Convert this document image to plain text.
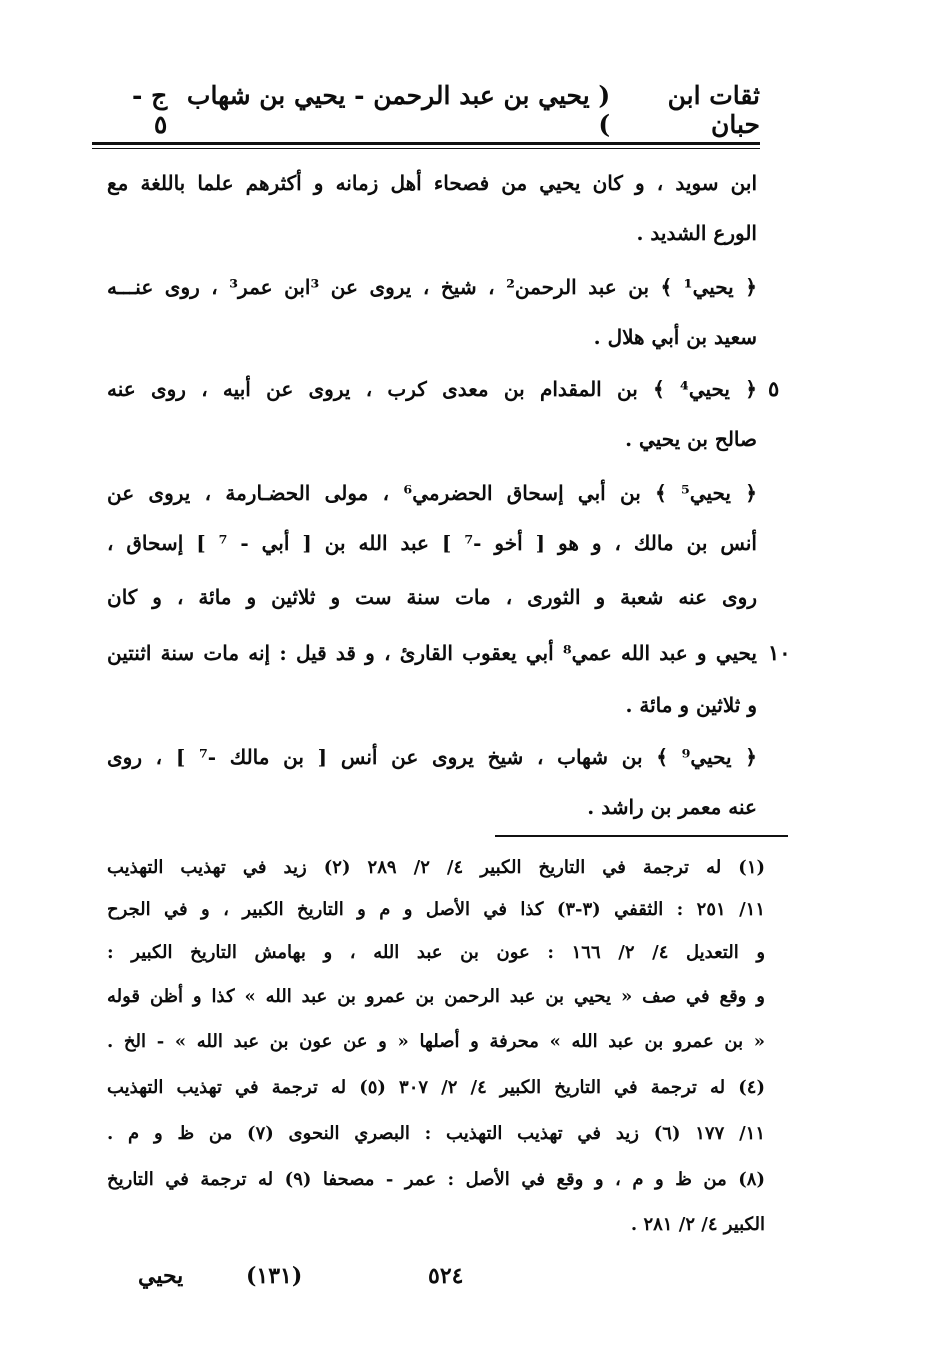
ثقات ابن حبان
( يحيي بن عبد الرحمن - يحيي بن شهاب )
ج - ٥
ابن سويد ، و كان يحيي من فصحاء أهل زمانه و أكثرهم علما باللغة مع
الورع الشديد .
﴿ يحيي¹ ﴾ بن عبد الرحمن² ، شيخ ، يروى عن ³ابن عمر³ ، روى عنـــه
سعيد بن أبي هلال .
﴿ يحيي⁴ ﴾ بن المقدام بن معدى كرب ، يروى عن أبيه ، روى عنه ٥
صالح بن يحيي .
﴿ يحيي⁵ ﴾ بن أبي إسحاق الحضرمي⁶ ، مولى الحضـارمة ، يروى عن
أنس بن مالك ، و هو [ أخو -⁷ ] عبد الله بن [ أبي - ⁷ ] إسحاق ،
روى عنه شعبة و الثورى ، مات سنة ست و ثلاثين و مائة ، و كان
يحيي و عبد الله عمي⁸ أبي يعقوب القارئ ، و قد قيل : إنه مات سنة اثنتين ١٠
و ثلاثين و مائة .
﴿ يحيي⁹ ﴾ بن شهاب ، شيخ يروى عن أنس [ بن مالك -⁷ ] ، روى
عنه معمر بن راشد .
(١) له ترجمة في التاريخ الكبير ٤/ ٢/ ٢٨٩ (٢) زيد في تهذيب التهذيب
١١/ ٢٥١ : الثقفي (٣-٣) كذا في الأصل و م و التاريخ الكبير ، و في الجرح
و التعديل ٤/ ٢/ ١٦٦ : عون بن عبد الله ، و بهامش التاريخ الكبير :
و وقع في صف « يحيي بن عبد الرحمن بن عمرو بن عبد الله » كذا و أظن قوله
« بن عمرو بن عبد الله » محرفة و أصلها « و عن عون بن عبد الله » - الخ .
(٤) له ترجمة في التاريخ الكبير ٤/ ٢/ ٣٠٧ (٥) له ترجمة في تهذيب التهذيب
١١/ ١٧٧ (٦) زيد في تهذيب التهذيب : البصري النحوى (٧) من ظ و م .
(٨) من ظ و م ، و وقع في الأصل : عمر - مصحفا (٩) له ترجمة في التاريخ
الكبير ٤/ ٢/ ٢٨١ .
يحيي	(١٣١)	٥٢٤
